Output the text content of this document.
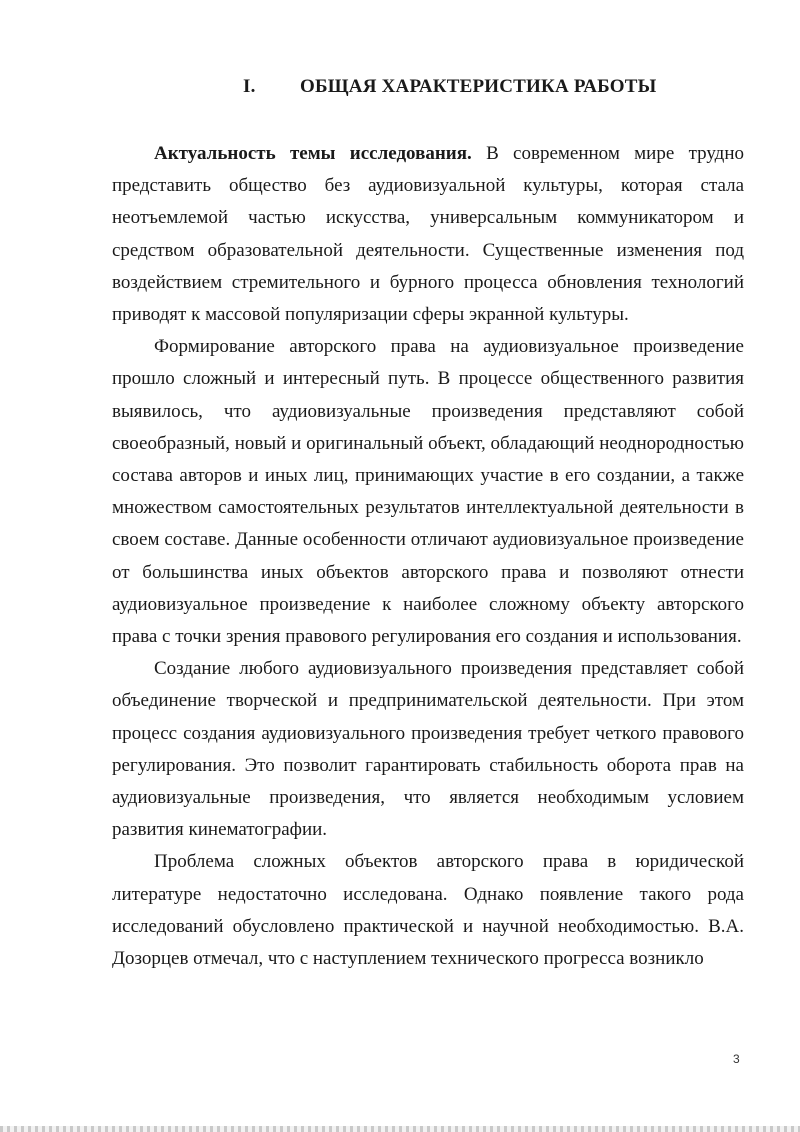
I. ОБЩАЯ ХАРАКТЕРИСТИКА РАБОТЫ

Актуальность темы исследования. В современном мире трудно представить общество без аудиовизуальной культуры, которая стала неотъемлемой частью искусства, универсальным коммуникатором и средством образовательной деятельности. Существенные изменения под воздействием стремительного и бурного процесса обновления технологий приводят к массовой популяризации сферы экранной культуры.

Формирование авторского права на аудиовизуальное произведение прошло сложный и интересный путь. В процессе общественного развития выявилось, что аудиовизуальные произведения представляют собой своеобразный, новый и оригинальный объект, обладающий неоднородностью состава авторов и иных лиц, принимающих участие в его создании, а также множеством самостоятельных результатов интеллектуальной деятельности в своем составе. Данные особенности отличают аудиовизуальное произведение от большинства иных объектов авторского права и позволяют отнести аудиовизуальное произведение к наиболее сложному объекту авторского права с точки зрения правового регулирования его создания и использования.

Создание любого аудиовизуального произведения представляет собой объединение творческой и предпринимательской деятельности. При этом процесс создания аудиовизуального произведения требует четкого правового регулирования. Это позволит гарантировать стабильность оборота прав на аудиовизуальные произведения, что является необходимым условием развития кинематографии.

Проблема сложных объектов авторского права в юридической литературе недостаточно исследована. Однако появление такого рода исследований обусловлено практической и научной необходимостью. В.А. Дозорцев отмечал, что с наступлением технического прогресса возникло

3
